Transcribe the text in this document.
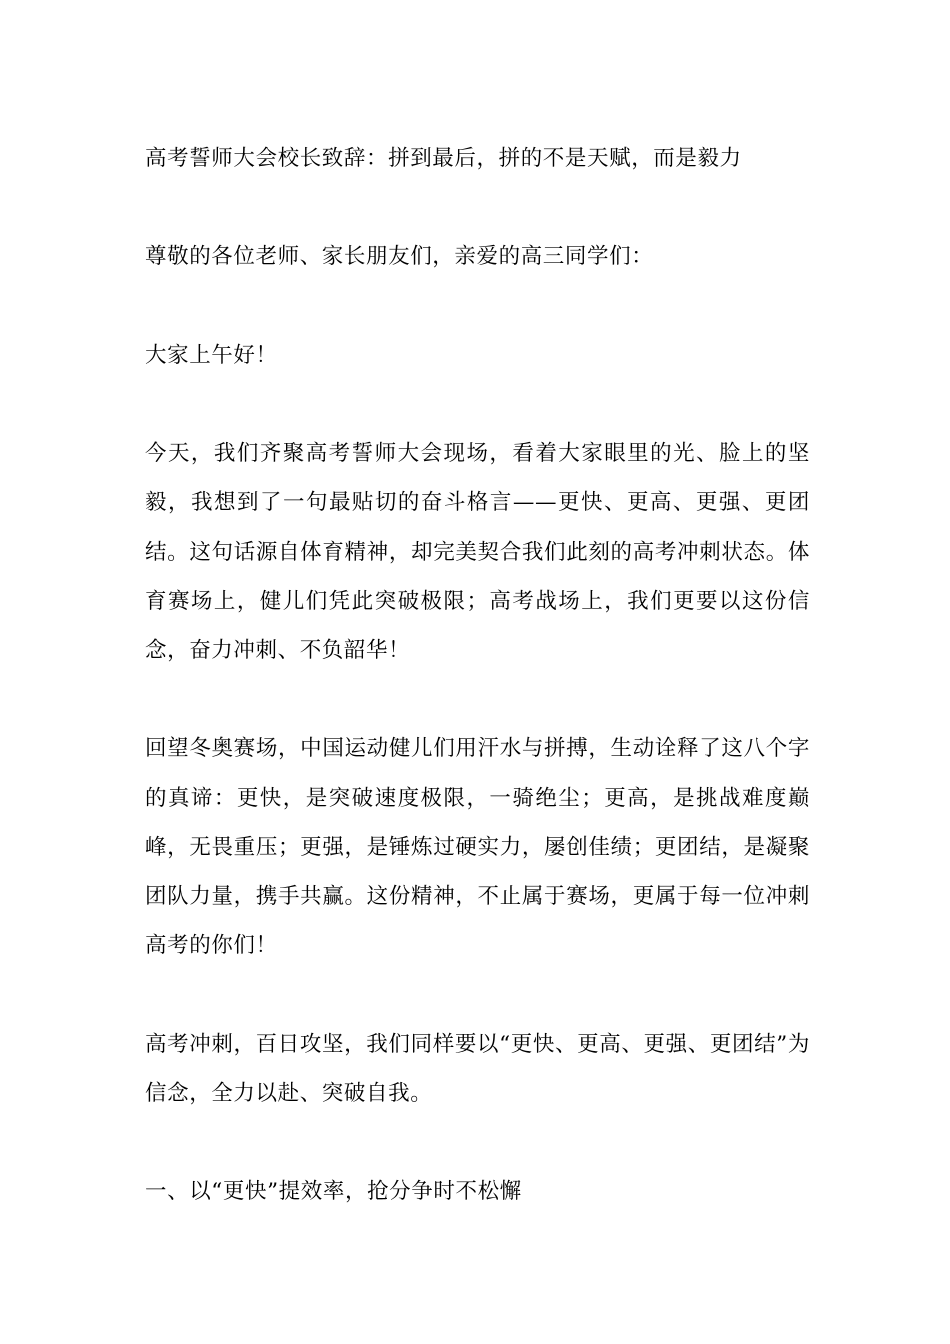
高考誓师大会校长致辞：拼到最后，拼的不是天赋，而是毅力

尊敬的各位老师、家长朋友们，亲爱的高三同学们：

大家上午好！

今天，我们齐聚高考誓师大会现场，看着大家眼里的光、脸上的坚毅，我想到了一句最贴切的奋斗格言——更快、更高、更强、更团结。这句话源自体育精神，却完美契合我们此刻的高考冲刺状态。体育赛场上，健儿们凭此突破极限；高考战场上，我们更要以这份信念，奋力冲刺、不负韶华！

回望冬奥赛场，中国运动健儿们用汗水与拼搏，生动诠释了这八个字的真谛：更快，是突破速度极限，一骑绝尘；更高，是挑战难度巅峰，无畏重压；更强，是锤炼过硬实力，屡创佳绩；更团结，是凝聚团队力量，携手共赢。这份精神，不止属于赛场，更属于每一位冲刺高考的你们！

高考冲刺，百日攻坚，我们同样要以“更快、更高、更强、更团结”为信念，全力以赴、突破自我。

一、以“更快”提效率，抢分争时不松懈
